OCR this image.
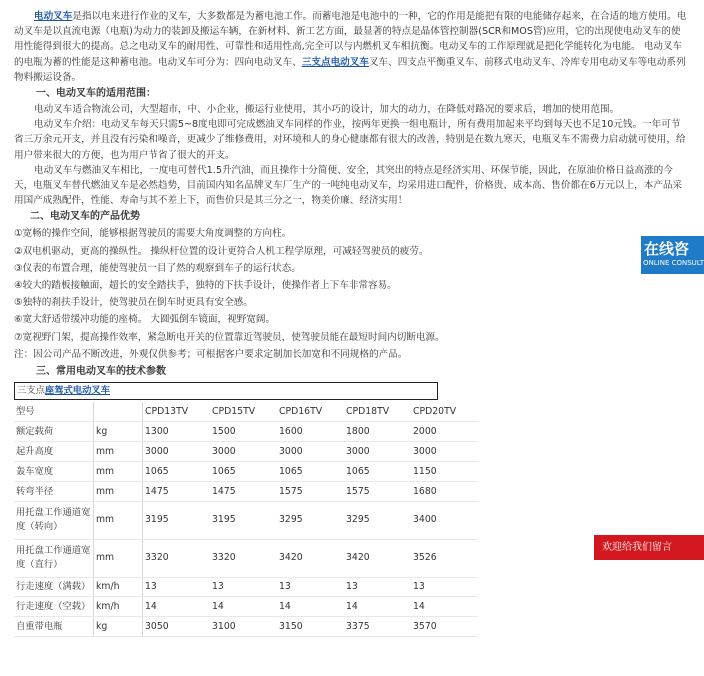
电动叉车是指以电来进行作业的叉车，大多数都是为蓄电池工作。而蓄电池是电池中的一种，它的作用是能把有限的电能储存起来，在合适的地方使用。电动叉车是以直流电源（电瓶)为动力的装卸及搬运车辆，在新材料、新工艺方面，最显著的特点是晶体管控制器(SCR和MOS管)应用，它的出现使电动叉车的使用性能得到很大的提高。总之电动叉车的耐用性、可靠性和适用性高,完全可以与内燃机叉车相抗衡。电动叉车的工作原理就是把化学能转化为电能。 电动叉车的电瓶为蓄的性能是这种蓄电池。电动叉车可分为：四向电动叉车、三支点电动叉车叉车、四支点平衡重叉车、前移式电动叉车、冷库专用电动叉车等电动系列物料搬运设备。

一、电动叉车的适用范围：

电动叉车适合物流公司，大型超市，中、小企业，搬运行业使用，其小巧的设计，加大的动力，在降低对路况的要求后，增加的使用范围。

电动叉车介绍：电动叉车每天只需5~8度电即可完成燃油叉车同样的作业，按两年更换一组电瓶计，所有费用加起来平均到每天也不足10元钱。一年可节省三万余元开支，并且没有污染和噪音，更减少了维修费用，对环境和人的身心健康都有很大的改善，特别是在数九寒天，电瓶叉车不需费力启动就可使用，给用户带来很大的方便，也为用户节省了很大的开支。

电动叉车与燃油叉车相比，一度电可替代1.5升汽油，而且操作十分简便、安全，其突出的特点是经济实用、环保节能，因此，在原油价格日益高涨的今天，电瓶叉车替代燃油叉车是必然趋势，目前国内知名品牌叉车厂生产的一吨纯电动叉车，均采用进口配件，价格贵、成本高、售价都在6万元以上，本产品采用国产成熟配件，性能、寿命与其不差上下，而售价只是其三分之一，物美价廉、经济实用！

二、电动叉车的产品优势

①宽畅的操作空间，能够根据驾驶员的需要大角度调整的方向柱。

②双电机驱动，更高的操纵性。 操纵杆位置的设计更符合人机工程学原理，可减轻驾驶员的疲劳。

③仪表的布置合理，能使驾驶员一目了然的观察到车子的运行状态。

④较大的踏板接触面，超长的安全踏扶手，独特的下扶手设计，使操作者上下车非常容易。

⑤独特的刹扶手设计，使驾驶员在倒车时更具有安全感。

⑥宽大舒适带缓冲功能的座椅。 大圆弧倒车镜面，视野宽阔。

⑦宽视野门架，提高操作效率，紧急断电开关的位置靠近驾驶员，使驾驶员能在最短时间内切断电源。

注：因公司产品不断改进，外观仅供参考；可根据客户要求定制加长加宽和不同规格的产品。

三、常用电动叉车的技术参数

三支点座驾式电动叉车
型号		CPD13TV	CPD15TV	CPD16TV	CPD18TV	CPD20TV
额定载荷	kg	1300	1500	1600	1800	2000
起升高度	mm	3000	3000	3000	3000	3000
轰车宽度	mm	1065	1065	1065	1065	1150
转弯半径	mm	1475	1475	1575	1575	1680
用托盘工作通道宽度（转向）	mm	3195	3195	3295	3295	3400
用托盘工作通道宽度（直行）	mm	3320	3320	3420	3420	3526
行走速度（满载）	km/h	13	13	13	13	13
行走速度（空载）	km/h	14	14	14	14	14
自重带电瓶	kg	3050	3100	3150	3375	3570
在线咨
ONLINE CONSULT
欢迎给我们留言
